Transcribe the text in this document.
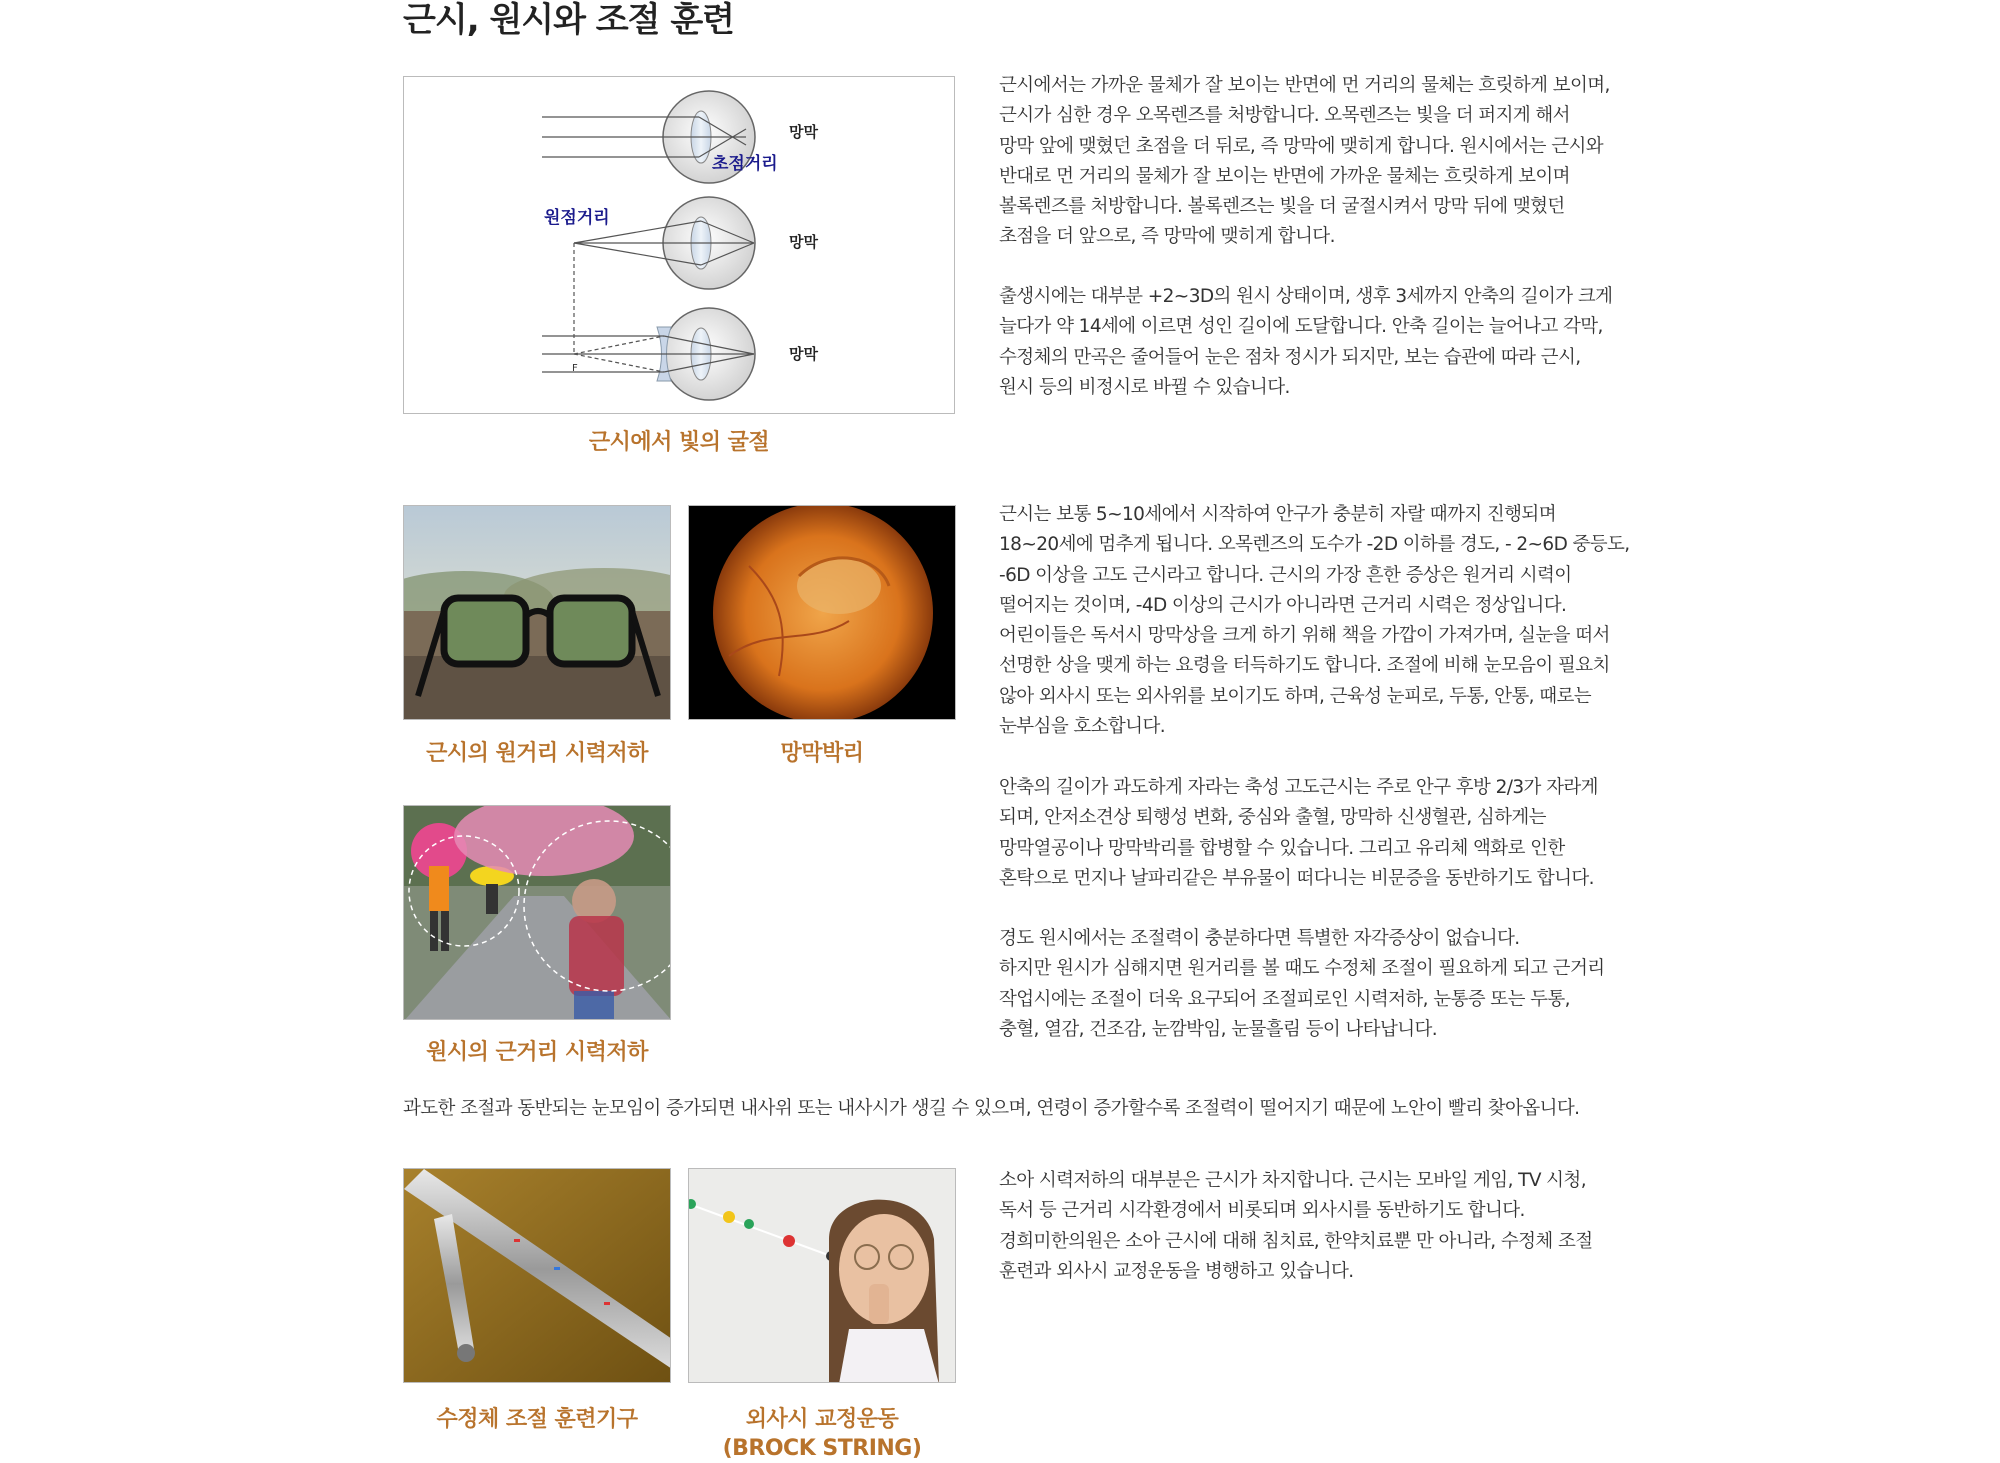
근시, 원시와 조절 훈련
망막
망막
망막
초점거리
원점거리
F
근시에서 빛의 굴절

근시에서는 가까운 물체가 잘 보이는 반면에 먼 거리의 물체는 흐릿하게 보이며,
근시가 심한 경우 오목렌즈를 처방합니다. 오목렌즈는 빛을 더 퍼지게 해서
망막 앞에 맺혔던 초점을 더 뒤로, 즉 망막에 맺히게 합니다. 원시에서는 근시와
반대로 먼 거리의 물체가 잘 보이는 반면에 가까운 물체는 흐릿하게 보이며
볼록렌즈를 처방합니다. 볼록렌즈는 빛을 더 굴절시켜서 망막 뒤에 맺혔던
초점을 더 앞으로, 즉 망막에 맺히게 합니다.

출생시에는 대부분 +2~3D의 원시 상태이며, 생후 3세까지 안축의 길이가 크게
늘다가 약 14세에 이르면 성인 길이에 도달합니다. 안축 길이는 늘어나고 각막,
수정체의 만곡은 줄어들어 눈은 점차 정시가 되지만, 보는 습관에 따라 근시,
원시 등의 비정시로 바뀔 수 있습니다.

근시의 원거리 시력저하	망막박리
원시의 근거리 시력저하

근시는 보통 5~10세에서 시작하여 안구가 충분히 자랄 때까지 진행되며
18~20세에 멈추게 됩니다. 오목렌즈의 도수가 -2D 이하를 경도, - 2~6D 중등도,
-6D 이상을 고도 근시라고 합니다. 근시의 가장 흔한 증상은 원거리 시력이
떨어지는 것이며, -4D 이상의 근시가 아니라면 근거리 시력은 정상입니다.
어린이들은 독서시 망막상을 크게 하기 위해 책을 가깝이 가져가며, 실눈을 떠서
선명한 상을 맺게 하는 요령을 터득하기도 합니다. 조절에 비해 눈모음이 필요치
않아 외사시 또는 외사위를 보이기도 하며, 근육성 눈피로, 두통, 안통, 때로는
눈부심을 호소합니다.

안축의 길이가 과도하게 자라는 축성 고도근시는 주로 안구 후방 2/3가 자라게
되며, 안저소견상 퇴행성 변화, 중심와 출혈, 망막하 신생혈관, 심하게는
망막열공이나 망막박리를 합병할 수 있습니다. 그리고 유리체 액화로 인한
혼탁으로 먼지나 날파리같은 부유물이 떠다니는 비문증을 동반하기도 합니다.

경도 원시에서는 조절력이 충분하다면 특별한 자각증상이 없습니다.
하지만 원시가 심해지면 원거리를 볼 때도 수정체 조절이 필요하게 되고 근거리
작업시에는 조절이 더욱 요구되어 조절피로인 시력저하, 눈통증 또는 두통,
충혈, 열감, 건조감, 눈깜박임, 눈물흘림 등이 나타납니다.

과도한 조절과 동반되는 눈모임이 증가되면 내사위 또는 내사시가 생길 수 있으며, 연령이 증가할수록 조절력이 떨어지기 때문에 노안이 빨리 찾아옵니다.

수정체 조절 훈련기구	외사시 교정운동
(BROCK STRING)

소아 시력저하의 대부분은 근시가 차지합니다. 근시는 모바일 게임, TV 시청,
독서 등 근거리 시각환경에서 비롯되며 외사시를 동반하기도 합니다.
경희미한의원은 소아 근시에 대해 침치료, 한약치료뿐 만 아니라, 수정체 조절
훈련과 외사시 교정운동을 병행하고 있습니다.
